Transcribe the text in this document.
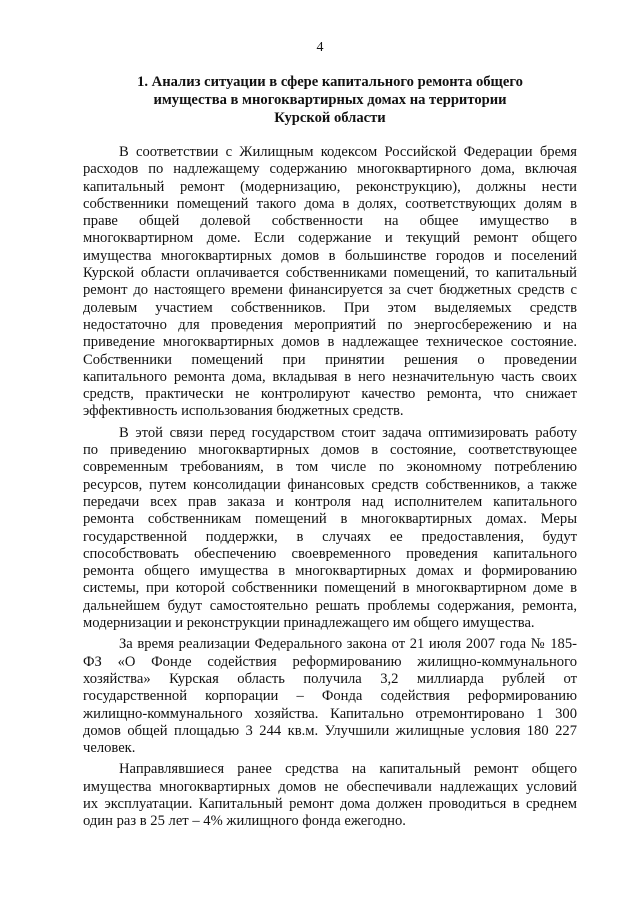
4
1. Анализ ситуации в сфере капитального ремонта общего
имущества в многоквартирных домах на территории
Курской области
В соответствии с Жилищным кодексом Российской Федерации бремя
расходов по надлежащему содержанию многоквартирного дома, включая
капитальный ремонт (модернизацию, реконструкцию), должны нести
собственники помещений такого дома в долях, соответствующих долям в
праве общей долевой собственности на общее имущество в
многоквартирном доме. Если содержание и текущий ремонт общего
имущества многоквартирных домов в большинстве городов и поселений
Курской области оплачивается собственниками помещений, то капитальный
ремонт до настоящего времени финансируется за счет бюджетных средств с
долевым участием собственников. При этом выделяемых средств
недостаточно для проведения мероприятий по энергосбережению и на
приведение многоквартирных домов в надлежащее техническое состояние.
Собственники помещений при принятии решения о проведении
капитального ремонта дома, вкладывая в него незначительную часть своих
средств, практически не контролируют качество ремонта, что снижает
эффективность использования бюджетных средств.
В этой связи перед государством стоит задача оптимизировать работу
по приведению многоквартирных домов в состояние, соответствующее
современным требованиям, в том числе по экономному потреблению
ресурсов, путем консолидации финансовых средств собственников, а также
передачи всех прав заказа и контроля над исполнителем капитального
ремонта собственникам помещений в многоквартирных домах. Меры
государственной поддержки, в случаях ее предоставления, будут
способствовать обеспечению своевременного проведения капитального
ремонта общего имущества в многоквартирных домах и формированию
системы, при которой собственники помещений в многоквартирном доме в
дальнейшем будут самостоятельно решать проблемы содержания, ремонта,
модернизации и реконструкции принадлежащего им общего имущества.
За время реализации Федерального закона от 21 июля 2007 года № 185-
ФЗ «О Фонде содействия реформированию жилищно-коммунального
хозяйства» Курская область получила 3,2 миллиарда рублей от
государственной корпорации – Фонда содействия реформированию
жилищно-коммунального хозяйства. Капитально отремонтировано 1 300
домов общей площадью 3 244 кв.м. Улучшили жилищные условия 180 227
человек.
Направлявшиеся ранее средства на капитальный ремонт общего
имущества многоквартирных домов не обеспечивали надлежащих условий
их эксплуатации. Капитальный ремонт дома должен проводиться в среднем
один раз в 25 лет – 4% жилищного фонда ежегодно.
